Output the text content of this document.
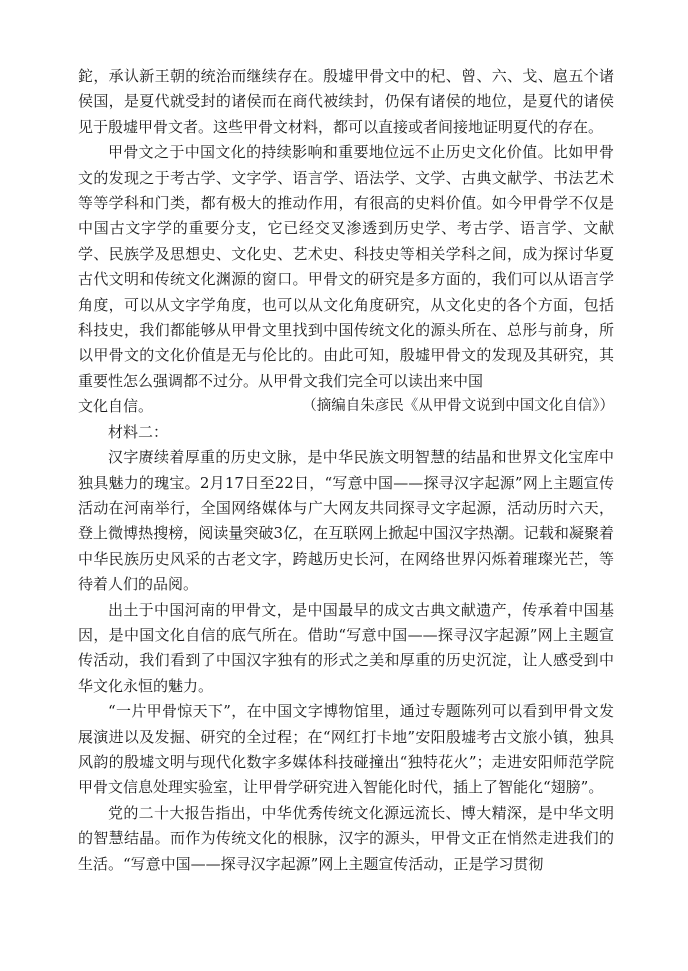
鉈，承认新王朝的统治而继续存在。殷墟甲骨文中的杞、曾、六、戈、扈五个诸侯国，是夏代就受封的诸侯而在商代被续封，仍保有诸侯的地位，是夏代的诸侯见于殷墟甲骨文者。这些甲骨文材料，都可以直接或者间接地证明夏代的存在。

甲骨文之于中国文化的持续影响和重要地位远不止历史文化价值。比如甲骨文的发现之于考古学、文字学、语言学、语法学、文学、古典文献学、书法艺术等等学科和门类，都有极大的推动作用，有很高的史料价值。如今甲骨学不仅是中国古文字学的重要分支，它已经交叉渗透到历史学、考古学、语言学、文献学、民族学及思想史、文化史、艺术史、科技史等相关学科之间，成为探讨华夏古代文明和传统文化渊源的窗口。甲骨文的研究是多方面的，我们可以从语言学角度，可以从文字学角度，也可以从文化角度研究，从文化史的各个方面，包括科技史，我们都能够从甲骨文里找到中国传统文化的源头所在、总彤与前身，所以甲骨文的文化价值是无与伦比的。由此可知，殷墟甲骨文的发现及其研究，其重要性怎么强调都不过分。从甲骨文我们完全可以读出来中国

文化自信。	（摘编自朱彦民《从甲骨文说到中国文化自信》）

材料二：

汉字赓续着厚重的历史文脉，是中华民族文明智慧的结晶和世界文化宝库中独具魅力的瑰宝。2月17日至22日，“写意中国——探寻汉字起源”网上主题宣传活动在河南举行，全国网络媒体与广大网友共同探寻文字起源，活动历时六天，登上微博热搜榜，阅读量突破3亿，在互联网上掀起中国汉字热潮。记载和凝聚着中华民族历史风采的古老文字，跨越历史长河，在网络世界闪烁着璀璨光芒，等待着人们的品阅。

出土于中国河南的甲骨文，是中国最早的成文古典文献遗产，传承着中国基因，是中国文化自信的底气所在。借助“写意中国——探寻汉字起源”网上主题宣传活动，我们看到了中国汉字独有的形式之美和厚重的历史沉淀，让人感受到中华文化永恒的魅力。

“一片甲骨惊天下”，在中国文字博物馆里，通过专题陈列可以看到甲骨文发展演进以及发掘、研究的全过程；在“网红打卡地”安阳殷墟考古文旅小镇，独具风韵的殷墟文明与现代化数字多媒体科技碰撞出“独特花火”；走进安阳师范学院甲骨文信息处理实验室，让甲骨学研究进入智能化时代，插上了智能化“翅膀”。

党的二十大报告指出，中华优秀传统文化源远流长、博大精深，是中华文明的智慧结晶。而作为传统文化的根脉，汉字的源头，甲骨文正在悄然走进我们的生活。“写意中国——探寻汉字起源”网上主题宣传活动，正是学习贯彻
